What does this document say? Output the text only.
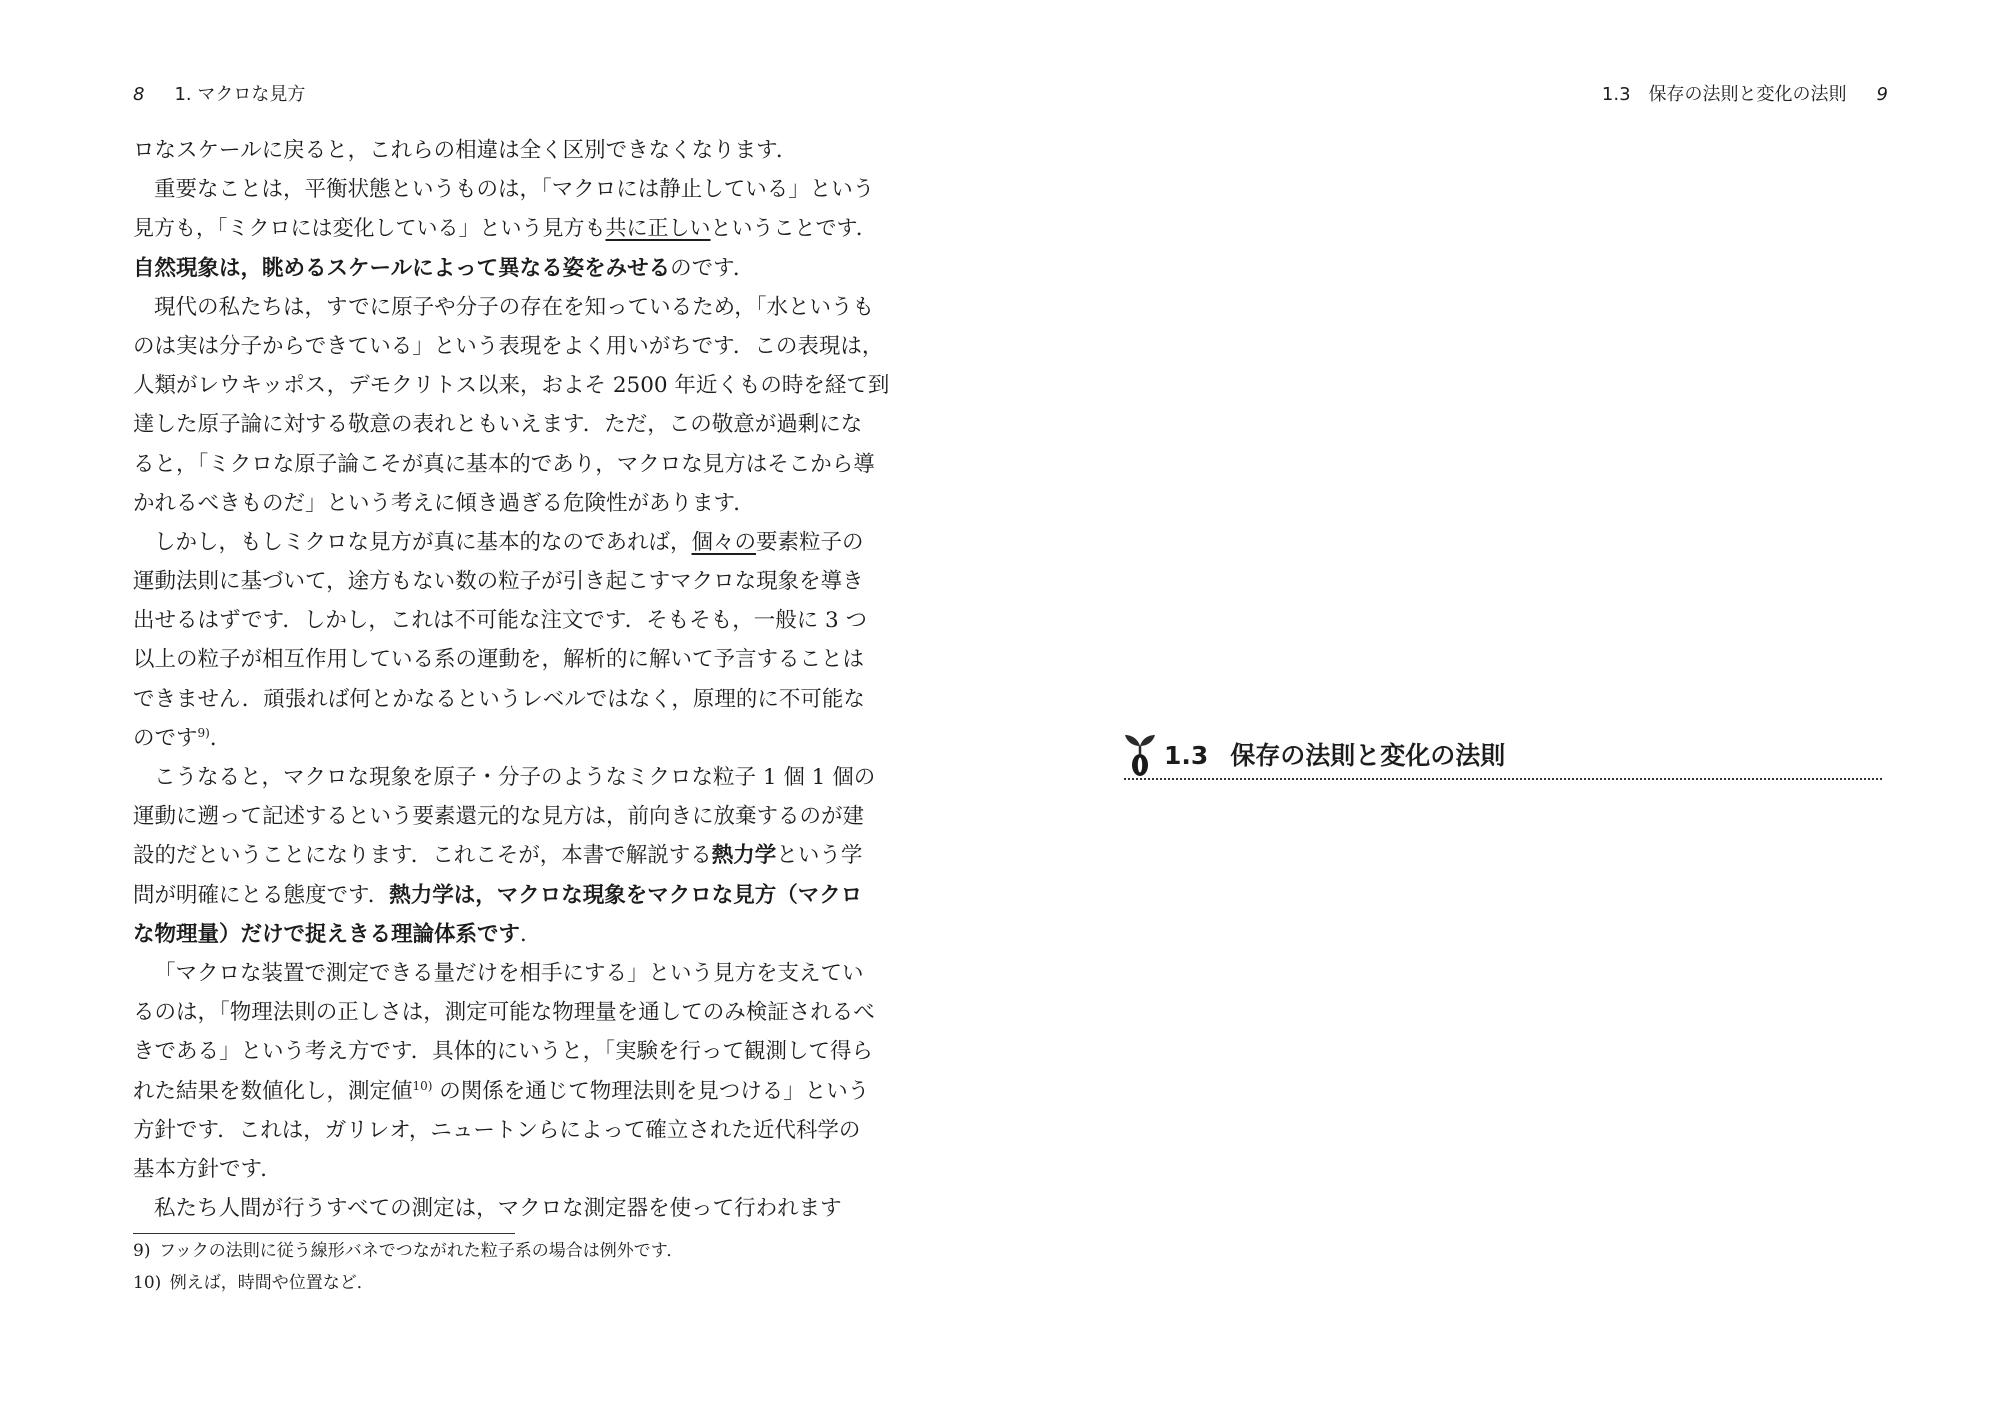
8 1. マクロな見方
ロなスケールに戻ると，これらの相違は全く区別できなくなります．
重要なことは，平衡状態というものは，「マクロには静止している」という
見方も，「ミクロには変化している」という見方も共に正しいということです．
自然現象は，眺めるスケールによって異なる姿をみせるのです．
現代の私たちは，すでに原子や分子の存在を知っているため，「水というも
のは実は分子からできている」という表現をよく用いがちです．この表現は，
人類がレウキッポス，デモクリトス以来，およそ 2500 年近くもの時を経て到
達した原子論に対する敬意の表れともいえます．ただ，この敬意が過剰にな
ると，「ミクロな原子論こそが真に基本的であり，マクロな見方はそこから導
かれるべきものだ」という考えに傾き過ぎる危険性があります．
しかし，もしミクロな見方が真に基本的なのであれば，個々の要素粒子の
運動法則に基づいて，途方もない数の粒子が引き起こすマクロな現象を導き
出せるはずです．しかし，これは不可能な注文です．そもそも，一般に 3 つ
以上の粒子が相互作用している系の運動を，解析的に解いて予言することは
できません．頑張れば何とかなるというレベルではなく，原理的に不可能な
のです$^{9)}$．
こうなると，マクロな現象を原子・分子のようなミクロな粒子 1 個 1 個の
運動に遡って記述するという要素還元的な見方は，前向きに放棄するのが建
設的だということになります．これこそが，本書で解説する熱力学という学
問が明確にとる態度です．熱力学は，マクロな現象をマクロな見方（マクロ
な物理量）だけで捉えきる理論体系です．
「マクロな装置で測定できる量だけを相手にする」という見方を支えてい
るのは，「物理法則の正しさは，測定可能な物理量を通してのみ検証されるべ
きである」という考え方です．具体的にいうと，「実験を行って観測して得ら
れた結果を数値化し，測定値$^{10)}$ の関係を通じて物理法則を見つける」という
方針です．これは，ガリレオ，ニュートンらによって確立された近代科学の
基本方針です．
私たち人間が行うすべての測定は，マクロな測定器を使って行われます
9) フックの法則に従う線形バネでつながれた粒子系の場合は例外です．
10) 例えば，時間や位置など．
1.3　保存の法則と変化の法則 9
1.3 保存の法則と変化の法則
